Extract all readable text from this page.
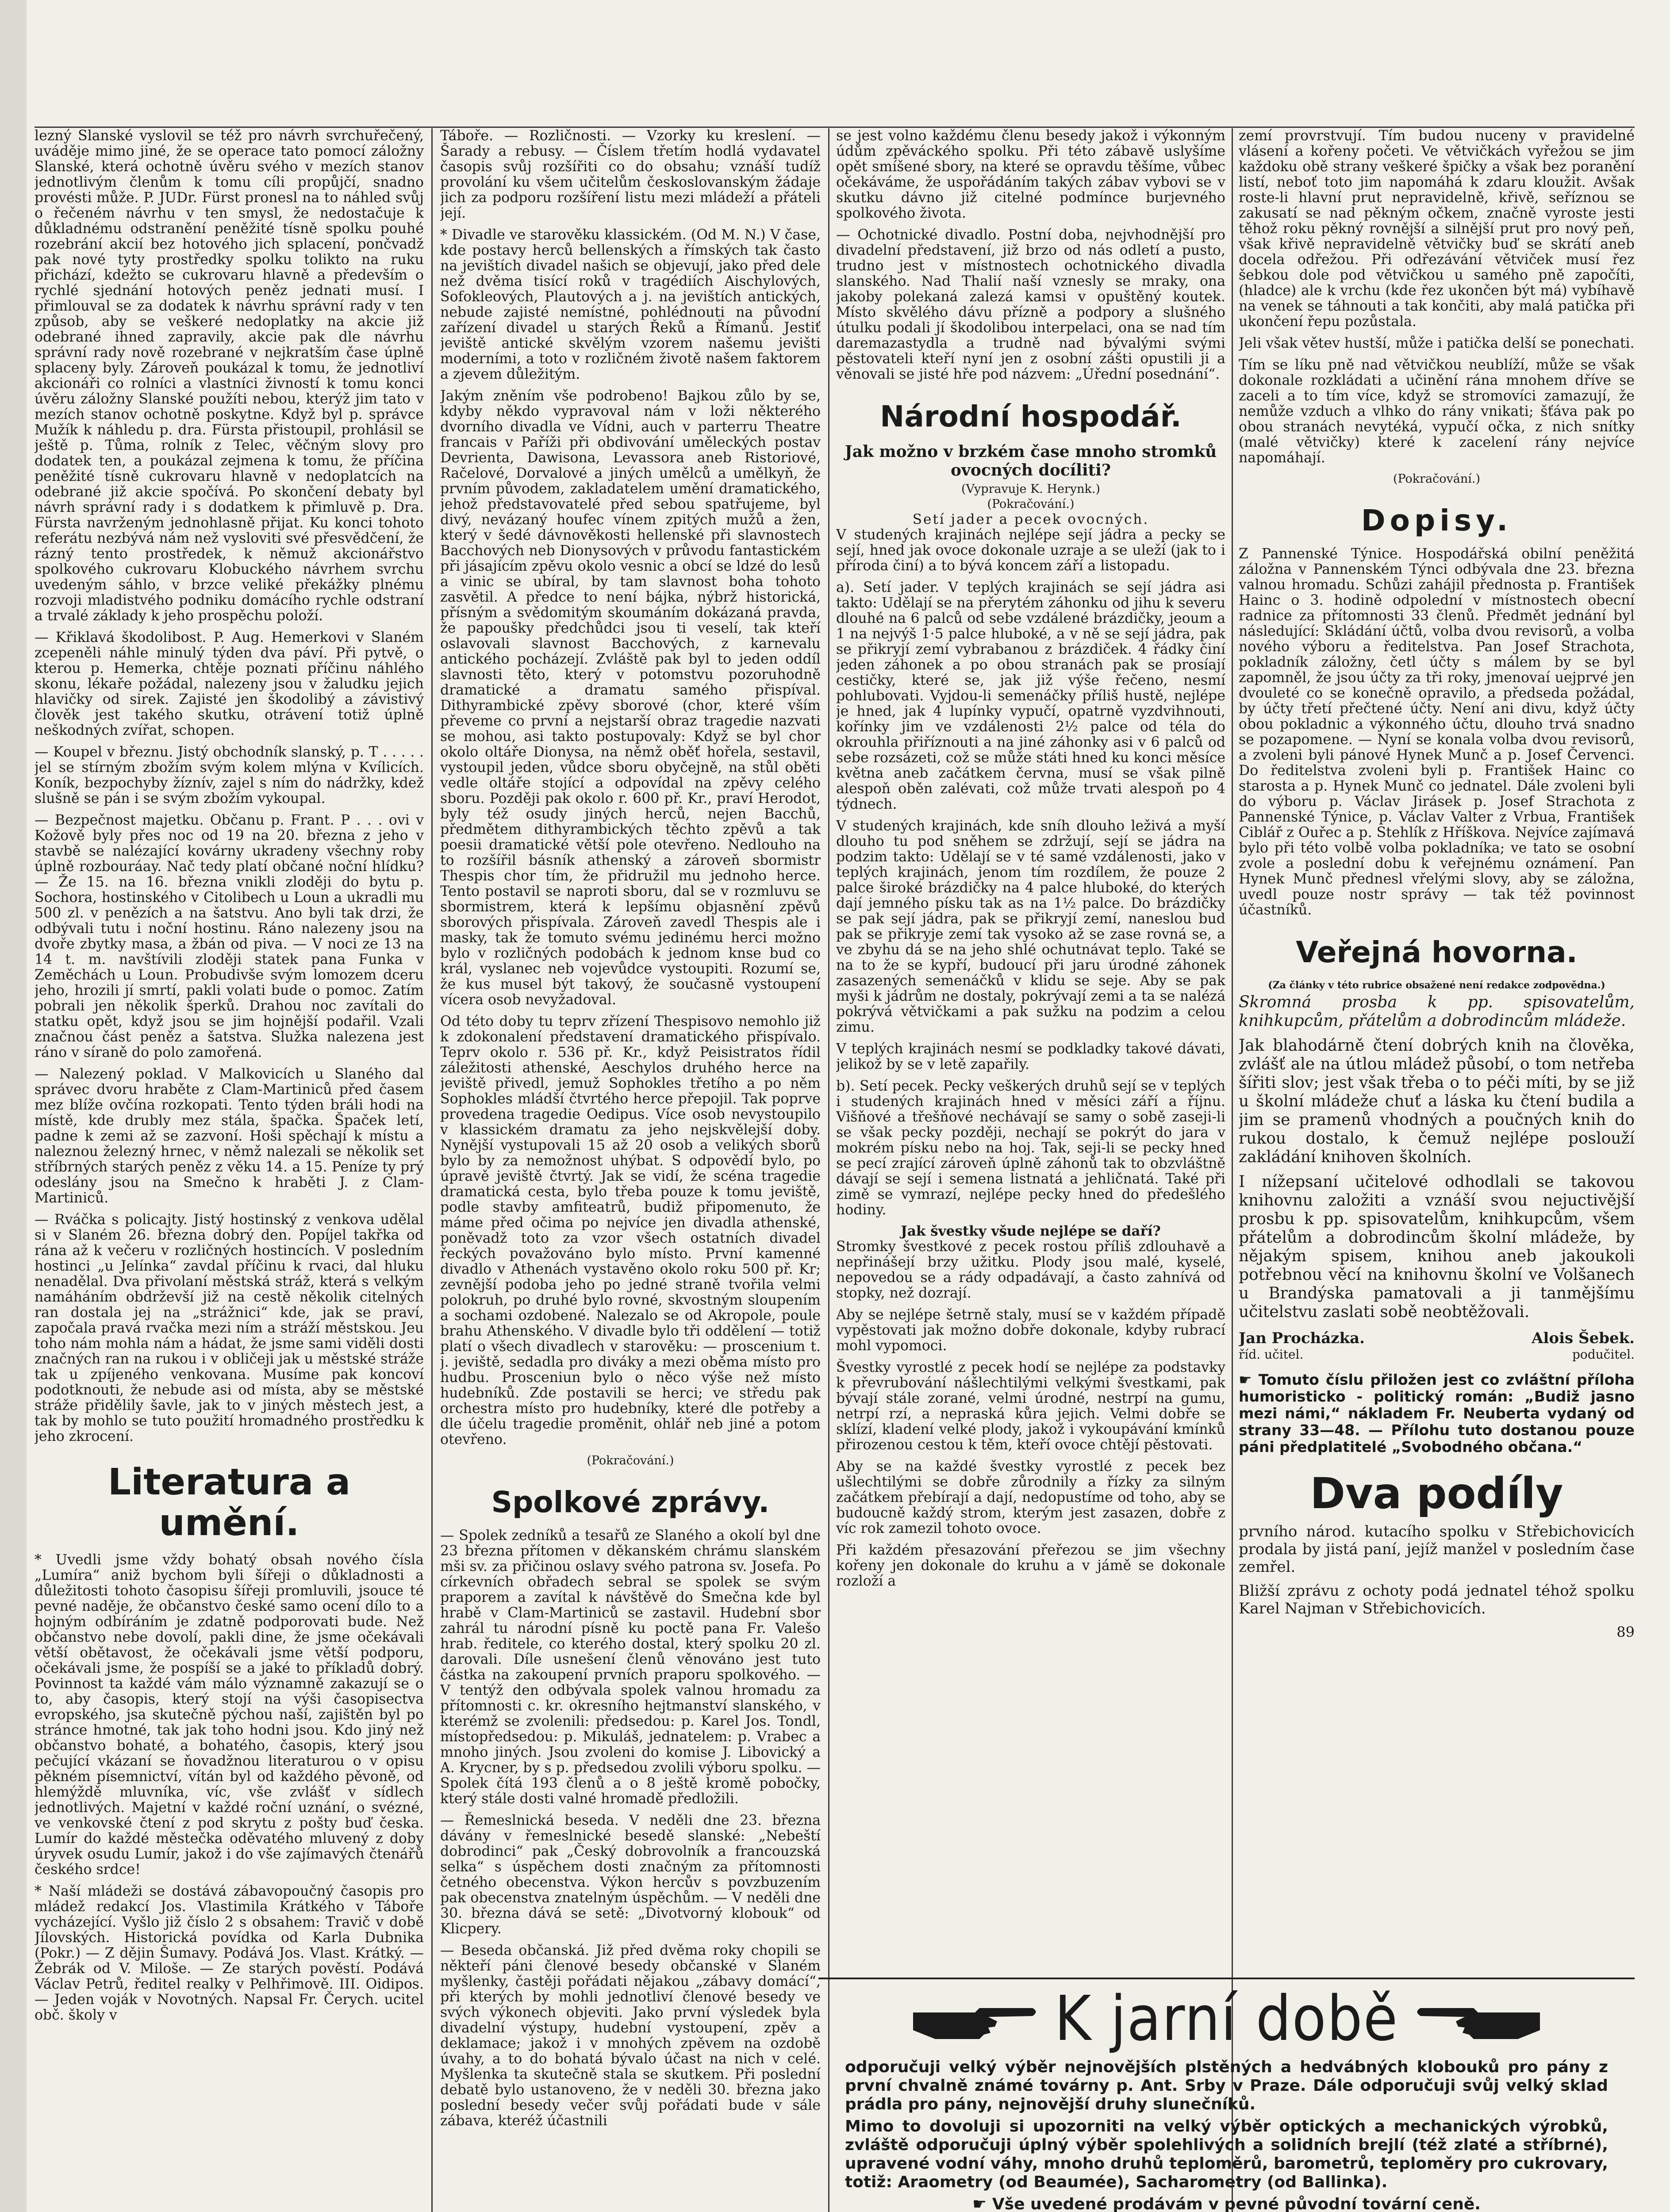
lezný Slanské vyslovil se též pro návrh svrchuřečený, uváděje mimo jiné, že se operace tato pomocí záložny Slanské, která ochotně úvěru svého v mezích stanov jednotlivým členům k tomu cíli propůjčí, snadno provésti může. P. JUDr. Fürst pronesl na to náhled svůj o řečeném návrhu v ten smysl, že nedostačuje k důkladnému odstranění peněžité tísně spolku pouhé rozebrání akcií bez hotového jich splacení, pončvadž pak nové tyty prostředky spolku tolikto na ruku přichází, kdežto se cukrovaru hlavně a především o rychlé sjednání hotových peněz jednati musí. I přimlouval se za dodatek k návrhu správní rady v ten způsob, aby se veškeré nedoplatky na akcie již odebrané ihned zapravily, akcie pak dle návrhu správní rady nově rozebrané v nejkratším čase úplně splaceny byly. Zároveň poukázal k tomu, že jednotliví akcionáři co rolníci a vlastníci živností k tomu konci úvěru záložny Slanské použíti nebou, kterýž jim tato v mezích stanov ochotně poskytne. Když byl p. správce Mužík k náhledu p. dra. Fürsta přistoupil, prohlásil se ještě p. Tůma, rolník z Telec, věčným slovy pro dodatek ten, a poukázal zejmena k tomu, že příčina peněžité tísně cukrovaru hlavně v nedoplatcích na odebrané již akcie spočívá. Po skončení debaty byl návrh správní rady i s dodatkem k přimluvě p. Dra. Fürsta navrženým jednohlasně přijat. Ku konci tohoto referátu nezbývá nám než vysloviti své přesvědčení, že rázný tento prostředek, k němuž akcionářstvo spolkového cukrovaru Klobuckého návrhem svrchu uvedeným sáhlo, v brzce veliké překážky plnému rozvoji mladistvého podniku domácího rychle odstraní a trvalé základy k jeho prospěchu položí.

— Křiklavá škodolibost. P. Aug. Hemerkovi v Slaném zcepeněli náhle minulý týden dva páví. Při pytvě, o kterou p. Hemerka, chtěje poznati příčinu náhlého skonu, lékaře požádal, nalezeny jsou v žaludku jejich hlavičky od sirek. Zajisté jen škodolibý a závistivý člověk jest takého skutku, otrávení totiž úplně neškodných zvířat, schopen.

— Koupel v březnu. Jistý obchodník slanský, p. T . . . . . jel se stírným zbožím svým kolem mlýna v Kvílicích. Koník, bezpochyby žíznív, zajel s ním do nádržky, kdež slušně se pán i se svým zbožím vykoupal.

— Bezpečnost majetku. Občanu p. Frant. P . . . ovi v Kožově byly přes noc od 19 na 20. března z jeho v stavbě se nalézající kovárny ukradeny všechny roby úplně rozbouráay. Nač tedy platí občané noční hlídku? — Že 15. na 16. března vnikli zloději do bytu p. Sochora, hostinského v Citolibech u Loun a ukradli mu 500 zl. v penězích a na šatstvu. Ano byli tak drzi, že odbývali tutu i noční hostinu. Ráno nalezeny jsou na dvoře zbytky masa, a žbán od piva. — V noci ze 13 na 14 t. m. navštívili zloději statek pana Funka v Zeměchách u Loun. Probudivše svým lomozem dceru jeho, hrozili jí smrtí, pakli volati bude o pomoc. Zatím pobrali jen několik šperků. Drahou noc zavítali do statku opět, když jsou se jim hojnější podařil. Vzali značnou část peněz a šatstva. Služka nalezena jest ráno v síraně do polo zamořená.

— Nalezený poklad. V Malkovicích u Slaného dal správec dvoru hraběte z Clam-Martiniců před časem mez blíže ovčína rozkopati. Tento týden bráli hodi na místě, kde drubly mez stála, špačka. Špaček letí, padne k zemi až se zazvoní. Hoši spěchají k místu a naleznou železný hrnec, v němž nalezali se několik set stříbrných starých peněz z věku 14. a 15. Peníze ty prý odeslány jsou na Smečno k hraběti J. z Clam-Martiniců.

— Rváčka s policajty. Jistý hostinský z venkova udělal si v Slaném 26. března dobrý den. Popíjel takřka od rána až k večeru v rozličných hostincích. V posledním hostinci „u Jelínka“ zavdal příčinu k rvaci, dal hluku nenadělal. Dva přivolaní městská stráž, která s velkým namáháním obdrževší již na cestě několik citelných ran dostala jej na „strážnici“ kde, jak se praví, započala pravá rvačka mezi ním a stráží městskou. Jeu toho nám mohla nám a hádat, že jsme sami viděli dosti značných ran na rukou i v obličeji jak u městské stráže tak u zpíjeného venkovana. Musíme pak koncoví podotknouti, že nebude asi od místa, aby se městské stráže přidělily šavle, jak to v jiných městech jest, a tak by mohlo se tuto použití hromadného prostředku k jeho zkrocení.

Literatura a umění.

* Uvedli jsme vždy bohatý obsah nového čísla „Lumíra“ aniž bychom byli šířeji o důkladnosti a důležitosti tohoto časopisu šířeji promluvili, jsouce té pevné naděje, že občanstvo české samo ocení dílo to a hojným odbíráním je zdatně podporovati bude. Než občanstvo nebe dovolí, pakli dine, že jsme očekávali větší obětavost, že očekávali jsme větší podporu, očekávali jsme, že pospíší se a jaké to příkladů dobrý. Povinnost ta každé vám málo významně zakazují se o to, aby časopis, který stojí na výši časopisectva evropského, jsa skutečně pýchou naší, zajištěn byl po stránce hmotné, tak jak toho hodni jsou. Kdo jiný než občanstvo bohaté, a bohatého, časopis, který jsou pečující vkázaní se ňovadžnou literaturou o v opisu pěkném písemnictví, vítán byl od každého pěvoně, od hlemýždě mluvníka, víc, vše zvlášť v sídlech jednotlivých. Majetní v každé roční uznání, o svézné, ve venkovské čtení z pod skrytu z pošty buď česka. Lumír do každé městečka oděvatého mluvený z doby úryvek osudu Lumír, jakož i do vše zajímavých čtenářů českého srdce!

* Naší mládeži se dostává zábavopoučný časopis pro mládež redakcí Jos. Vlastimila Krátkého v Táboře vycházející. Vyšlo již číslo 2 s obsahem: Travič v době Jílovských. Historická povídka od Karla Dubnika (Pokr.) — Z dějin Šumavy. Podává Jos. Vlast. Krátký. — Žebrák od V. Miloše. — Ze starých pověstí. Podává Václav Petrů, ředitel realky v Pelhřimově. III. Oidipos. — Jeden voják v Novotných. Napsal Fr. Čerych. ucitel obč. školy v

Táboře. — Rozličnosti. — Vzorky ku kreslení. — Šarady a rebusy. — Číslem třetím hodlá vydavatel časopis svůj rozšířiti co do obsahu; vznáší tudíž provolání ku všem učitelům českoslovanským žádaje jich za podporu rozšíření listu mezi mládeží a přáteli její.

* Divadle ve starověku klassickém. (Od M. N.) V čase, kde postavy herců bellenských a římských tak často na jevištích divadel našich se objevují, jako před dele než dvěma tisící roků v tragédiích Aischylových, Sofokleových, Plautových a j. na jevištích antických, nebude zajisté nemístné, pohlédnouti na původní zařízení divadel u starých Řeků a Římanů. Jestiť jeviště antické skvělým vzorem našemu jevišti moderními, a toto v rozličném životě našem faktorem a zjevem důležitým.

Jakým zněním vše podrobeno! Bajkou zůlo by se, kdyby někdo vypravoval nám v loži některého dvorního divadla ve Vídni, auch v parterru Theatre francais v Paříži při obdivování uměleckých postav Devrienta, Dawisona, Levassora aneb Ristoriové, Račelové, Dorvalové a jiných umělců a umělkyň, že prvním původem, zakladatelem umění dramatického, jehož představovatelé před sebou spatřujeme, byl divý, nevázaný houfec vínem zpitých mužů a žen, který v šedé dávnověkosti hellenské při slavnostech Bacchových neb Dionysových v průvodu fantastickém při jásajícím zpěvu okolo vesnic a obcí se ldzé do lesů a vinic se ubíral, by tam slavnost boha tohoto zasvětil. A předce to není bájka, nýbrž historická, přísným a svědomitým skoumáním dokázaná pravda, že papoušky předchůdci jsou ti veselí, tak kteří oslavovali slavnost Bacchových, z karnevalu antického pocházejí. Zvláště pak byl to jeden oddíl slavnosti těto, který v potomstvu pozoruhodně dramatické a dramatu samého přispíval. Dithyrambické zpěvy sborové (chor, které vším převeme co první a nejstarší obraz tragedie nazvati se mohou, asi takto postupovaly: Když se byl chor okolo oltáře Dionysa, na němž oběť hořela, sestavil, vystoupil jeden, vůdce sboru obyčejně, na stůl oběti vedle oltáře stojící a odpovídal na zpěvy celého sboru. Později pak okolo r. 600 př. Kr., praví Herodot, byly též osudy jiných herců, nejen Bacchů, předmětem dithyrambických těchto zpěvů a tak poesii dramatické větší pole otevřeno. Nedlouho na to rozšířil básník athenský a zároveň sbormistr Thespis chor tím, že přidružil mu jednoho herce. Tento postavil se naproti sboru, dal se v rozmluvu se sbormistrem, která k lepšímu objasnění zpěvů sborových přispívala. Zároveň zavedl Thespis ale i masky, tak že tomuto svému jedinému herci možno bylo v rozličných podobách k jednom knse bud co král, vyslanec neb vojevůdce vystoupiti. Rozumí se, že kus musel být takový, že současně vystoupení vícera osob nevyžadoval.

Od této doby tu teprv zřízení Thespisovo nemohlo již k zdokonalení představení dramatického přispívalo. Teprv okolo r. 536 př. Kr., když Peisistratos řídil záležitosti athenské, Aeschylos druhého herce na jeviště přivedl, jemuž Sophokles třetího a po něm Sophokles mládší čtvrtého herce přepojil. Tak poprve provedena tragedie Oedipus. Více osob nevystoupilo v klassickém dramatu za jeho nejskvělejší doby. Nynější vystupovali 15 až 20 osob a velikých sborů bylo by za nemožnost uhýbat. S odpovědí bylo, po úpravě jeviště čtvrtý. Jak se vidí, že scéna tragedie dramatická cesta, bylo třeba pouze k tomu jeviště, podle stavby amfiteatrů, budiž připomenuto, že máme před očima po nejvíce jen divadla athenské, poněvadž toto za vzor všech ostatních divadel řeckých považováno bylo místo. První kamenné divadlo v Athenách vystavěno okolo roku 500 př. Kr; zevnější podoba jeho po jedné straně tvořila velmi polokruh, po druhé bylo rovné, skvostným sloupením a sochami ozdobené. Nalezalo se od Akropole, poule brahu Athenského. V divadle bylo tři oddělení — totiž platí o všech divadlech v starověku: — proscenium t. j. jeviště, sedadla pro diváky a mezi oběma místo pro hudbu. Prosceniun bylo o něco výše než místo hudebníků. Zde postavili se herci; ve středu pak orchestra místo pro hudebníky, které dle potřeby a dle účelu tragedie proměnit, ohlář neb jiné a potom otevřeno.

(Pokračování.)
Spolkové zprávy.

— Spolek zedníků a tesařů ze Slaného a okolí byl dne 23 března přítomen v děkanském chrámu slanském mši sv. za přičinou oslavy svého patrona sv. Josefa. Po církevních obřadech sebral se spolek se svým praporem a zavítal k návštěvě do Smečna kde byl hrabě v Clam-Martiniců se zastavil. Hudební sbor zahrál tu národní písně ku poctě pana Fr. Valešo hrab. ředitele, co kterého dostal, který spolku 20 zl. darovali. Díle usnešení členů věnováno jest tuto částka na zakoupení prvních praporu spolkového. — V tentýž den odbývala spolek valnou hromadu za přítomnosti c. kr. okresního hejtmanství slanského, v kterémž se zvolenili: předsedou: p. Karel Jos. Tondl, místopředsedou: p. Mikuláš, jednatelem: p. Vrabec a mnoho jiných. Jsou zvoleni do komise J. Libovický a A. Krycner, by s p. předsedou zvolili výboru spolku. — Spolek čítá 193 členů a o 8 ještě kromě pobočky, který stále dosti valné hromadě předložili.

— Řemeslnická beseda. V neděli dne 23. března dávány v řemeslnické besedě slanské: „Nebeští dobrodinci“ pak „Český dobrovolník a francouzská selka“ s úspěchem dosti značným za přítomnosti četného obecenstva. Výkon hercův s povzbuzením pak obecenstva znatelným úspěchům. — V neděli dne 30. března dává se setě: „Divotvorný klobouk“ od Klicpery.

— Beseda občanská. Již před dvěma roky chopili se někteří páni členové besedy občanské v Slaném myšlenky, častěji pořádati nějakou „zábavy domácí“, při kterých by mohli jednotliví členové besedy ve svých výkonech objeviti. Jako první výsledek byla divadelní výstupy, hudební vystoupení, zpěv a deklamace; jakož i v mnohých zpěvem na ozdobě úvahy, a to do bohatá bývalo účast na nich v celé. Myšlenka ta skutečně stala se skutkem. Při poslední debatě bylo ustanoveno, že v neděli 30. března jako poslední besedy večer svůj pořádati bude v sále zábava, kteréž účastnili

se jest volno každému členu besedy jakož i výkonným údům zpěváckého spolku. Při této zábavě uslyšíme opět smíšené sbory, na které se opravdu těšíme, vůbec očekáváme, že uspořádáním takých zábav vybovi se v skutku dávno již citelné podmínce burjevného spolkového života.

— Ochotnické divadlo. Postní doba, nejvhodnější pro divadelní představení, již brzo od nás odletí a pusto, trudno jest v místnostech ochotnického divadla slanského. Nad Thalií naší vznesly se mraky, ona jakoby polekaná zalezá kamsi v opuštěný koutek. Místo skvělého dávu přízně a podpory a slušného útulku podali jí škodolibou interpelaci, ona se nad tím daremazastydla a trudně nad bývalými svými pěstovateli kteří nyní jen z osobní zášti opustili ji a věnovali se jisté hře pod názvem: „Úřední posednání“.

Národní hospodář.
Jak možno v brzkém čase mnoho stromků ovocných docíliti?
(Vypravuje K. Herynk.)
(Pokračování.)
Setí jader a pecek ovocných.

V studených krajinách nejlépe sejí jádra a pecky se sejí, hned jak ovoce dokonale uzraje a se uleží (jak to i příroda činí) a to bývá koncem září a listopadu.

a). Setí jader. V teplých krajinách se sejí jádra asi takto: Udělají se na přerytém záhonku od jihu k severu dlouhé na 6 palců od sebe vzdálené brázdičky, jeoum a 1 na nejvýš 1·5 palce hluboké, a v ně se sejí jádra, pak se přikryjí zemí vybrabanou z brázdiček. 4 řádky činí jeden záhonek a po obou stranách pak se prosíají cestičky, které se, jak již výše řečeno, nesmí pohlubovati. Vyjdou-li semenáčky příliš hustě, nejlépe je hned, jak 4 lupínky vypučí, opatrně vyzdvihnouti, kořínky jim ve vzdálenosti 2½ palce od téla do okrouhla přiříznouti a na jiné záhonky asi v 6 palců od sebe rozsázeti, což se může státi hned ku konci měsíce května aneb začátkem června, musí se však pilně alespoň oběn zalévati, což může trvati alespoň po 4 týdnech.

V studených krajinách, kde sníh dlouho leživá a myší dlouho tu pod sněhem se zdržují, sejí se jádra na podzim takto: Udělají se v té samé vzdálenosti, jako v teplých krajinách, jenom tím rozdílem, že pouze 2 palce široké brázdičky na 4 palce hluboké, do kterých dají jemného písku tak as na 1½ palce. Do brázdičky se pak sejí jádra, pak se přikryjí zemí, naneslou bud pak se přikryje zemí tak vysoko až se zase rovná se, a ve zbyhu dá se na jeho shlé ochutnávat teplo. Také se na to že se kypří, budoucí při jaru úrodné záhonek zasazených semenáčků v klidu se seje. Aby se pak myši k jádrům ne dostaly, pokrývají zemi a ta se nalézá pokrývá větvičkami a pak sužku na podzim a celou zimu.

V teplých krajinách nesmí se podkladky takové dávati, jelikož by se v letě zapařily.

b). Setí pecek. Pecky veškerých druhů sejí se v teplých i studených krajinách hned v měsíci září a říjnu. Višňové a třešňové nechávají se samy o sobě zaseji-li se však pecky později, nechají se pokrýt do jara v mokrém písku nebo na hoj. Tak, seji-li se pecky hned se pecí zrající zároveň úplně záhonů tak to obzvláštně dávají se sejí i semena listnatá a jehličnatá. Také při zimě se vymrazí, nejlépe pecky hned do předešlého hodiny.

Jak švestky všude nejlépe se daří?

Stromky švestkové z pecek rostou příliš zdlouhavě a nepřinášejí brzy užitku. Plody jsou malé, kyselé, nepovedou se a rády odpadávají, a často zahnívá od stopky, než dozrají.

Aby se nejlépe šetrně staly, musí se v každém případě vypěstovati jak možno dobře dokonale, kdyby rubrací mohl vypomoci.

Švestky vyrostlé z pecek hodí se nejlépe za podstavky k převrubování nášlechtilými velkými švestkami, pak bývají stále zorané, velmi úrodné, nestrpí na gumu, netrpí rzí, a nepraská kůra jejich. Velmi dobře se sklízí, kladení velké plody, jakož i vykoupávání kmínků přirozenou cestou k těm, kteří ovoce chtějí pěstovati.

Aby se na každé švestky vyrostlé z pecek bez ušlechtilými se dobře zůrodnily a řízky za silným začátkem přebírají a dají, nedopustíme od toho, aby se budoucně každý strom, kterým jest zasazen, dobře z víc rok zamezil tohoto ovoce.

Při každém přesazování přeřezou se jim všechny kořeny jen dokonale do kruhu a v jámě se dokonale rozloží a

zemí provrstvují. Tím budou nuceny v pravidelné vlásení a kořeny početi. Ve větvičkách vyřežou se jim každoku obě strany veškeré špičky a však bez poranění listí, neboť toto jim napomáhá k zdaru kloužit. Avšak roste-li hlavní prut nepravidelně, křivě, seříznou se zakusatí se nad pěkným očkem, značně vyroste jesti těhož roku pěkný rovnější a silnější prut pro nový peň, však křivě nepravidelně větvičky buď se skrátí aneb docela odřežou. Při odřezávání větviček musí řez šebkou dole pod větvičkou u samého pně započíti, (hladce) ale k vrchu (kde řez ukončen být má) vybíhavě na venek se táhnouti a tak končiti, aby malá patička při ukončení řepu pozůstala.

Jeli však větev hustší, může i patička delší se ponechati.

Tím se líku pně nad větvičkou neublíží, může se však dokonale rozkládati a učinění rána mnohem dříve se zaceli a to tím více, když se stromovíci zamazují, že nemůže vzduch a vlhko do rány vnikati; šťáva pak po obou stranách nevytéká, vypučí očka, z nich snítky (malé větvičky) které k zacelení rány nejvíce napomáhají.

(Pokračování.)
Dopisy.

Z Pannenské Týnice. Hospodářská obilní peněžitá záložna v Pannenském Týnci odbývala dne 23. března valnou hromadu. Schůzi zahájil přednosta p. František Hainc o 3. hodině odpolední v místnostech obecní radnice za přítomnosti 33 členů. Předmět jednání byl následující: Skládání účtů, volba dvou revisorů, a volba nového výboru a ředitelstva. Pan Josef Strachota, pokladník záložny, četl účty s málem by se byl zapomněl, že jsou účty za tři roky, jmenovaí uejprvé jen dvouleté co se konečně opravilo, a předseda požádal, by účty třetí přečtené účty. Není ani divu, když účty obou pokladnic a výkonného účtu, dlouho trvá snadno se pozapomene. — Nyní se konala volba dvou revisorů, a zvoleni byli pánové Hynek Munč a p. Josef Červenci. Do ředitelstva zvoleni byli p. František Hainc co starosta a p. Hynek Munč co jednatel. Dále zvoleni byli do výboru p. Václav Jirásek p. Josef Strachota z Pannenské Týnice, p. Václav Valter z Vrbua, František Ciblář z Ouřec a p. Stehlík z Hříškova. Nejvíce zajímavá bylo při této volbě volba pokladníka; ve tato se osobní zvole a poslední dobu k veřejnému oznámení. Pan Hynek Munč přednesl vřelými slovy, aby se záložna, uvedl pouze nostr správy — tak též povinnost účastníků.

Veřejná hovorna.
(Za články v této rubrice obsažené není redakce zodpovědna.)

Skromná prosba k pp. spisovatelům, knihkupcům, přátelům a dobrodincům mládeže.

Jak blahodárně čtení dobrých knih na člověka, zvlášť ale na útlou mládež působí, o tom netřeba šířiti slov; jest však třeba o to péči míti, by se již u školní mládeže chuť a láska ku čtení budila a jim se pramenů vhodných a poučných knih do rukou dostalo, k čemuž nejlépe poslouží zakládání knihoven školních.

I nížepsaní učitelové odhodlali se takovou knihovnu založiti a vznáší svou nejuctivější prosbu k pp. spisovatelům, knihkupcům, všem přátelům a dobrodincům školní mládeže, by nějakým spisem, knihou aneb jakoukoli potřebnou věcí na knihovnu školní ve Volšanech u Brandýska pamatovali a ji tanmějšímu učitelstvu zaslati sobě neobtěžovali.

Jan Procházka.	Alois Šebek.
říd. učitel.	podučitel.
☛ Tomuto číslu přiložen jest co zvláštní příloha humoristicko - politický román: „Budiž jasno mezi námi,“ nákladem Fr. Neuberta vydaný od strany 33—48. — Přílohu tuto dostanou pouze páni předplatitelé „Svobodného občana.“
Dva podíly

prvního národ. kutacího spolku v Střebichovicích prodala by jistá paní, jejíž manžel v posledním čase zemřel.

Bližší zprávu z ochoty podá jednatel téhož spolku Karel Najman v Střebichovicích.

89
K jarní době

odporučuji velký výběr nejnovějších plstěných a hedvábných klobouků pro pány z první chvalně známé továrny p. Ant. Srby v Praze. Dále odporučuji svůj velký sklad prádla pro pány, nejnovější druhy slunečníků.

Mimo to dovoluji si upozorniti na velký výběr optických a mechanických výrobků, zvláště odporučuji úplný výběr spolehlivých a solidních brejlí (též zlaté a stříbrné), upravené vodní váhy, mnoho druhů teploměrů, barometrů, teploměry pro cukrovary, totiž: Araometry (od Beaumée), Sacharometry (od Ballinka).

☛ Vše uvedené prodávám v pevné původní tovární ceně.
